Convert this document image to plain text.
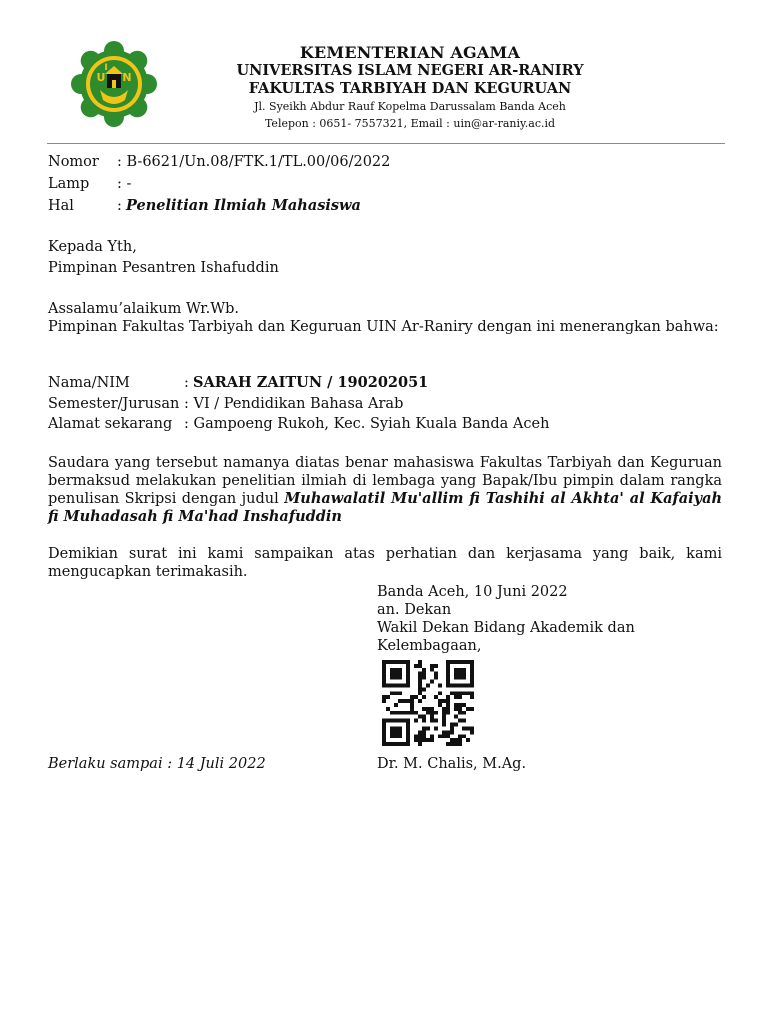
U N
I
KEMENTERIAN AGAMA
UNIVERSITAS ISLAM NEGERI AR-RANIRY
FAKULTAS TARBIYAH DAN KEGURUAN
Jl. Syeikh Abdur Rauf Kopelma Darussalam Banda Aceh
Telepon : 0651- 7557321, Email : uin@ar-raniy.ac.id
Nomor : B-6621/Un.08/FTK.1/TL.00/06/2022
Lamp : -
Hal	: Penelitian Ilmiah Mahasiswa
Kepada Yth,
Pimpinan Pesantren Ishafuddin
Assalamu’alaikum Wr.Wb.
Pimpinan Fakultas Tarbiyah dan Keguruan UIN Ar-Raniry dengan ini menerangkan bahwa:
Nama/NIM	: SARAH ZAITUN / 190202051
Semester/Jurusan : VI / Pendidikan Bahasa Arab
Alamat sekarang : Gampoeng Rukoh, Kec. Syiah Kuala Banda Aceh
Saudara yang tersebut namanya diatas benar mahasiswa Fakultas Tarbiyah dan Keguruan bermaksud melakukan penelitian ilmiah di lembaga yang Bapak/Ibu pimpin dalam rangka penulisan Skripsi dengan judul Muhawalatil Mu'allim fi Tashihi al Akhta' al Kafaiyah fi Muhadasah fi Ma'had Inshafuddin
Demikian surat ini kami sampaikan atas perhatian dan kerjasama yang baik, kami mengucapkan terimakasih.
Banda Aceh, 10 Juni 2022
an. Dekan
Wakil Dekan Bidang Akademik dan
Kelembagaan,
Berlaku sampai : 14 Juli 2022	Dr. M. Chalis, M.Ag.
